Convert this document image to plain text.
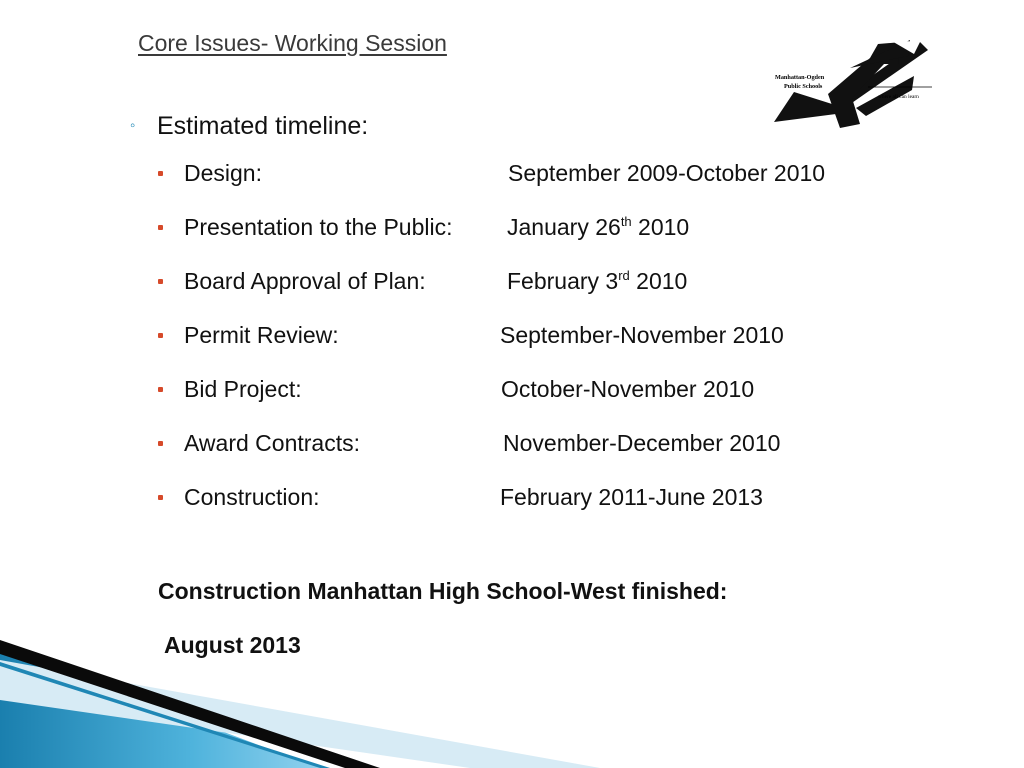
Core Issues- Working Session
Manhattan-Ogden
Public Schools
where all can learn
◦ Estimated timeline:
Design:	September 2009-October 2010
Presentation to the Public: January 26th 2010
Board Approval of Plan:	February 3rd 2010
Permit Review:	September-November 2010
Bid Project:	October-November 2010
Award Contracts:	November-December 2010
Construction:	February 2011-June 2013
Construction Manhattan High School-West finished:
August 2013
